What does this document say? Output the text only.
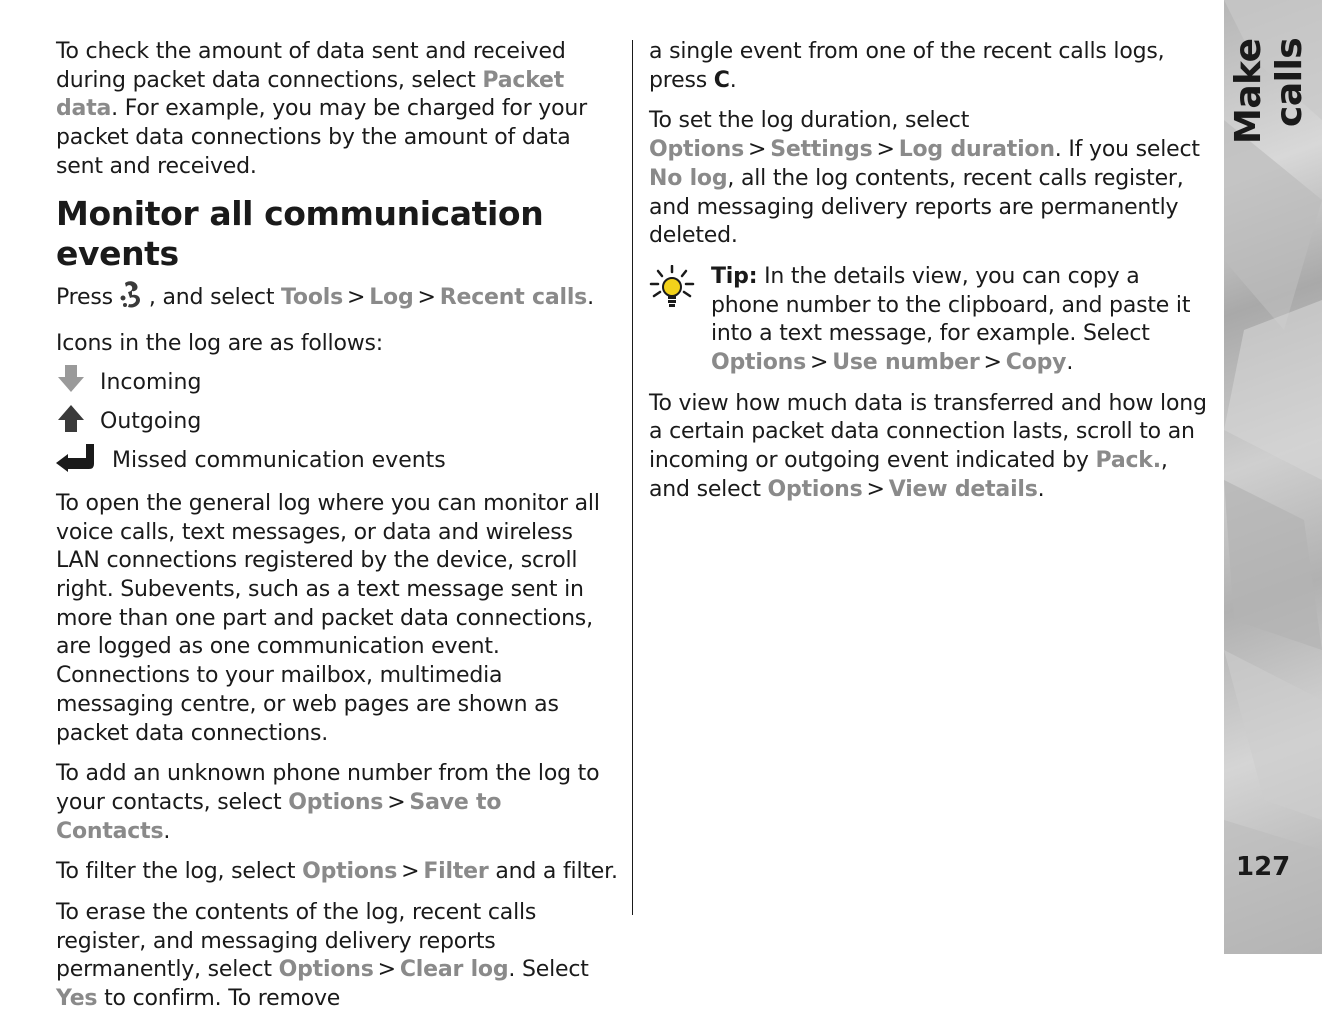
Make calls
127

To check the amount of data sent and received during packet data connections, select Packet data. For example, you may be charged for your packet data connections by the amount of data sent and received.

Monitor all communication events

Press , and select Tools > Log > Recent calls.

Icons in the log are as follows:

Incoming
Outgoing
Missed communication events

To open the general log where you can monitor all voice calls, text messages, or data and wireless LAN connections registered by the device, scroll right. Subevents, such as a text message sent in more than one part and packet data connections, are logged as one communication event. Connections to your mailbox, multimedia messaging centre, or web pages are shown as packet data connections.

To add an unknown phone number from the log to your contacts, select Options > Save to Contacts.

To filter the log, select Options > Filter and a filter.

To erase the contents of the log, recent calls register, and messaging delivery reports permanently, select Options > Clear log. Select Yes to confirm. To remove

a single event from one of the recent calls logs, press C.

To set the log duration, select Options > Settings > Log duration. If you select No log, all the log contents, recent calls register, and messaging delivery reports are permanently deleted.

Tip: In the details view, you can copy a phone number to the clipboard, and paste it into a text message, for example. Select Options > Use number > Copy.

To view how much data is transferred and how long a certain packet data connection lasts, scroll to an incoming or outgoing event indicated by Pack., and select Options > View details.
